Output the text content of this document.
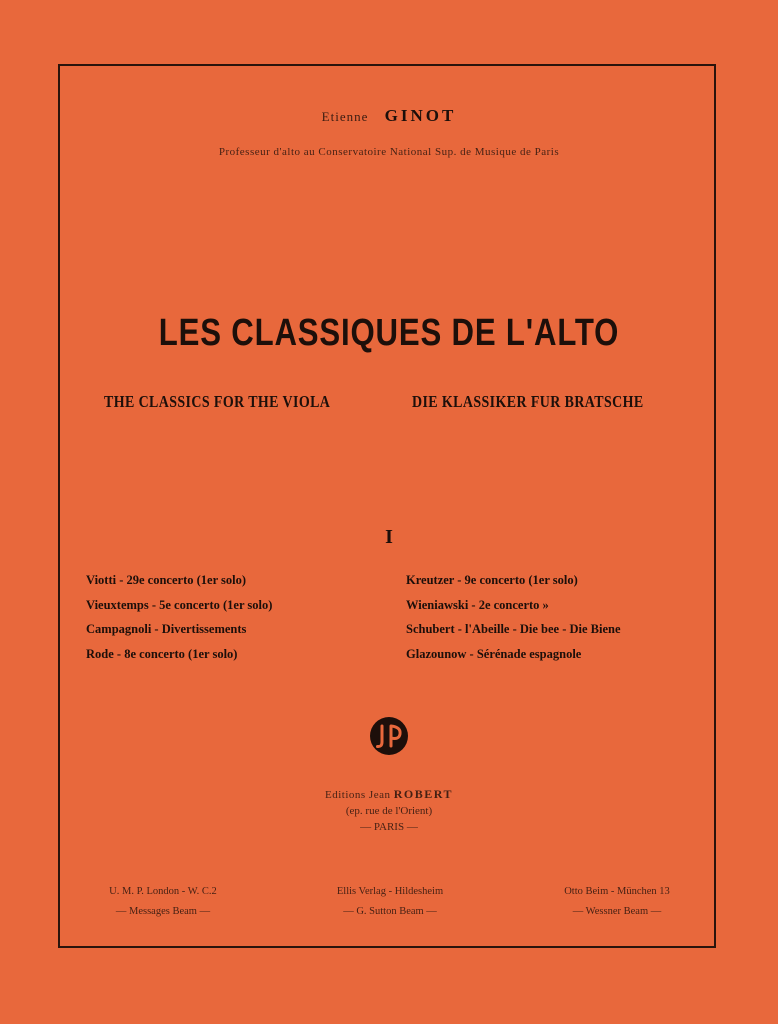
Etienne GINOT
Professeur d'alto au Conservatoire National Sup. de Musique de Paris
LES CLASSIQUES DE L'ALTO
THE CLASSICS FOR THE VIOLA	DIE KLASSIKER FUR BRATSCHE
I
Viotti - 29e concerto (1er solo)
Vieuxtemps - 5e concerto (1er solo)
Campagnoli - Divertissements
Rode - 8e concerto (1er solo)
Kreutzer - 9e concerto (1er solo)
Wieniawski - 2e concerto »
Schubert - l'Abeille - Die bee - Die Biene
Glazounow - Sérénade espagnole
Editions Jean ROBERT
(ep. rue de l'Orient)
— PARIS —
U. M. P. London - W. C.2
— Messages Beam —
Ellis Verlag - Hildesheim
— G. Sutton Beam —
Otto Beim - München 13
— Wessner Beam —
